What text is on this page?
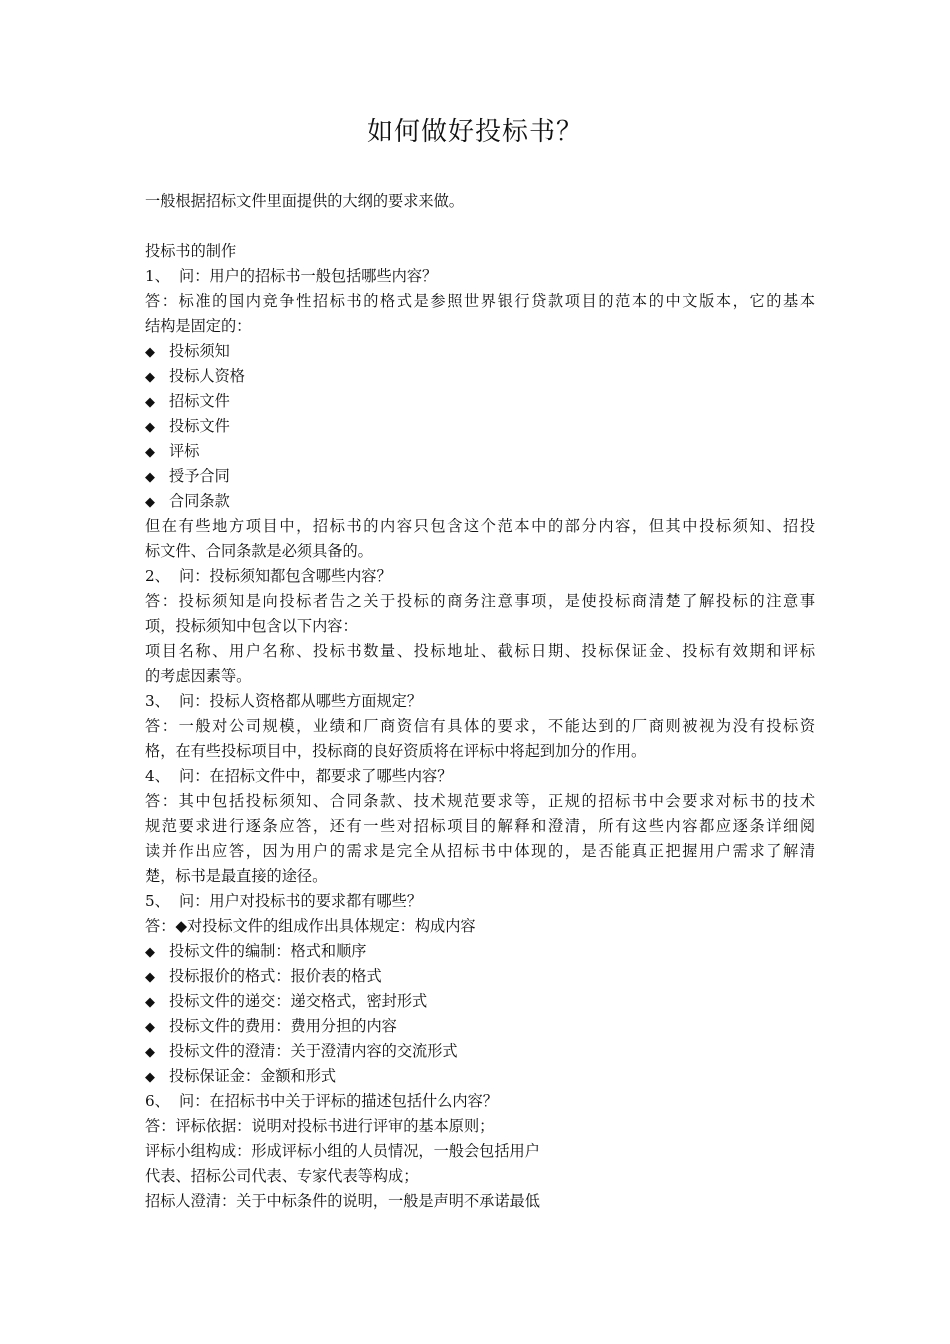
如何做好投标书？
一般根据招标文件里面提供的大纲的要求来做。
投标书的制作
1、 问：用户的招标书一般包括哪些内容？
答：标准的国内竞争性招标书的格式是参照世界银行贷款项目的范本的中文版本，它的基本
结构是固定的：
◆ 投标须知
◆ 投标人资格
◆ 招标文件
◆ 投标文件
◆ 评标
◆ 授予合同
◆ 合同条款
但在有些地方项目中，招标书的内容只包含这个范本中的部分内容，但其中投标须知、招投
标文件、合同条款是必须具备的。
2、 问：投标须知都包含哪些内容？
答：投标须知是向投标者告之关于投标的商务注意事项，是使投标商清楚了解投标的注意事
项，投标须知中包含以下内容：
项目名称、用户名称、投标书数量、投标地址、截标日期、投标保证金、投标有效期和评标
的考虑因素等。
3、 问：投标人资格都从哪些方面规定？
答：一般对公司规模，业绩和厂商资信有具体的要求，不能达到的厂商则被视为没有投标资
格，在有些投标项目中，投标商的良好资质将在评标中将起到加分的作用。
4、 问：在招标文件中，都要求了哪些内容？
答：其中包括投标须知、合同条款、技术规范要求等，正规的招标书中会要求对标书的技术
规范要求进行逐条应答，还有一些对招标项目的解释和澄清，所有这些内容都应逐条详细阅
读并作出应答，因为用户的需求是完全从招标书中体现的，是否能真正把握用户需求了解清
楚，标书是最直接的途径。
5、 问：用户对投标书的要求都有哪些？
答：◆对投标文件的组成作出具体规定：构成内容
◆ 投标文件的编制：格式和顺序
◆ 投标报价的格式：报价表的格式
◆ 投标文件的递交：递交格式，密封形式
◆ 投标文件的费用：费用分担的内容
◆ 投标文件的澄清：关于澄清内容的交流形式
◆ 投标保证金：金额和形式
6、 问：在招标书中关于评标的描述包括什么内容？
答：评标依据：说明对投标书进行评审的基本原则；
评标小组构成：形成评标小组的人员情况，一般会包括用户
代表、招标公司代表、专家代表等构成；
招标人澄清：关于中标条件的说明，一般是声明不承诺最低
